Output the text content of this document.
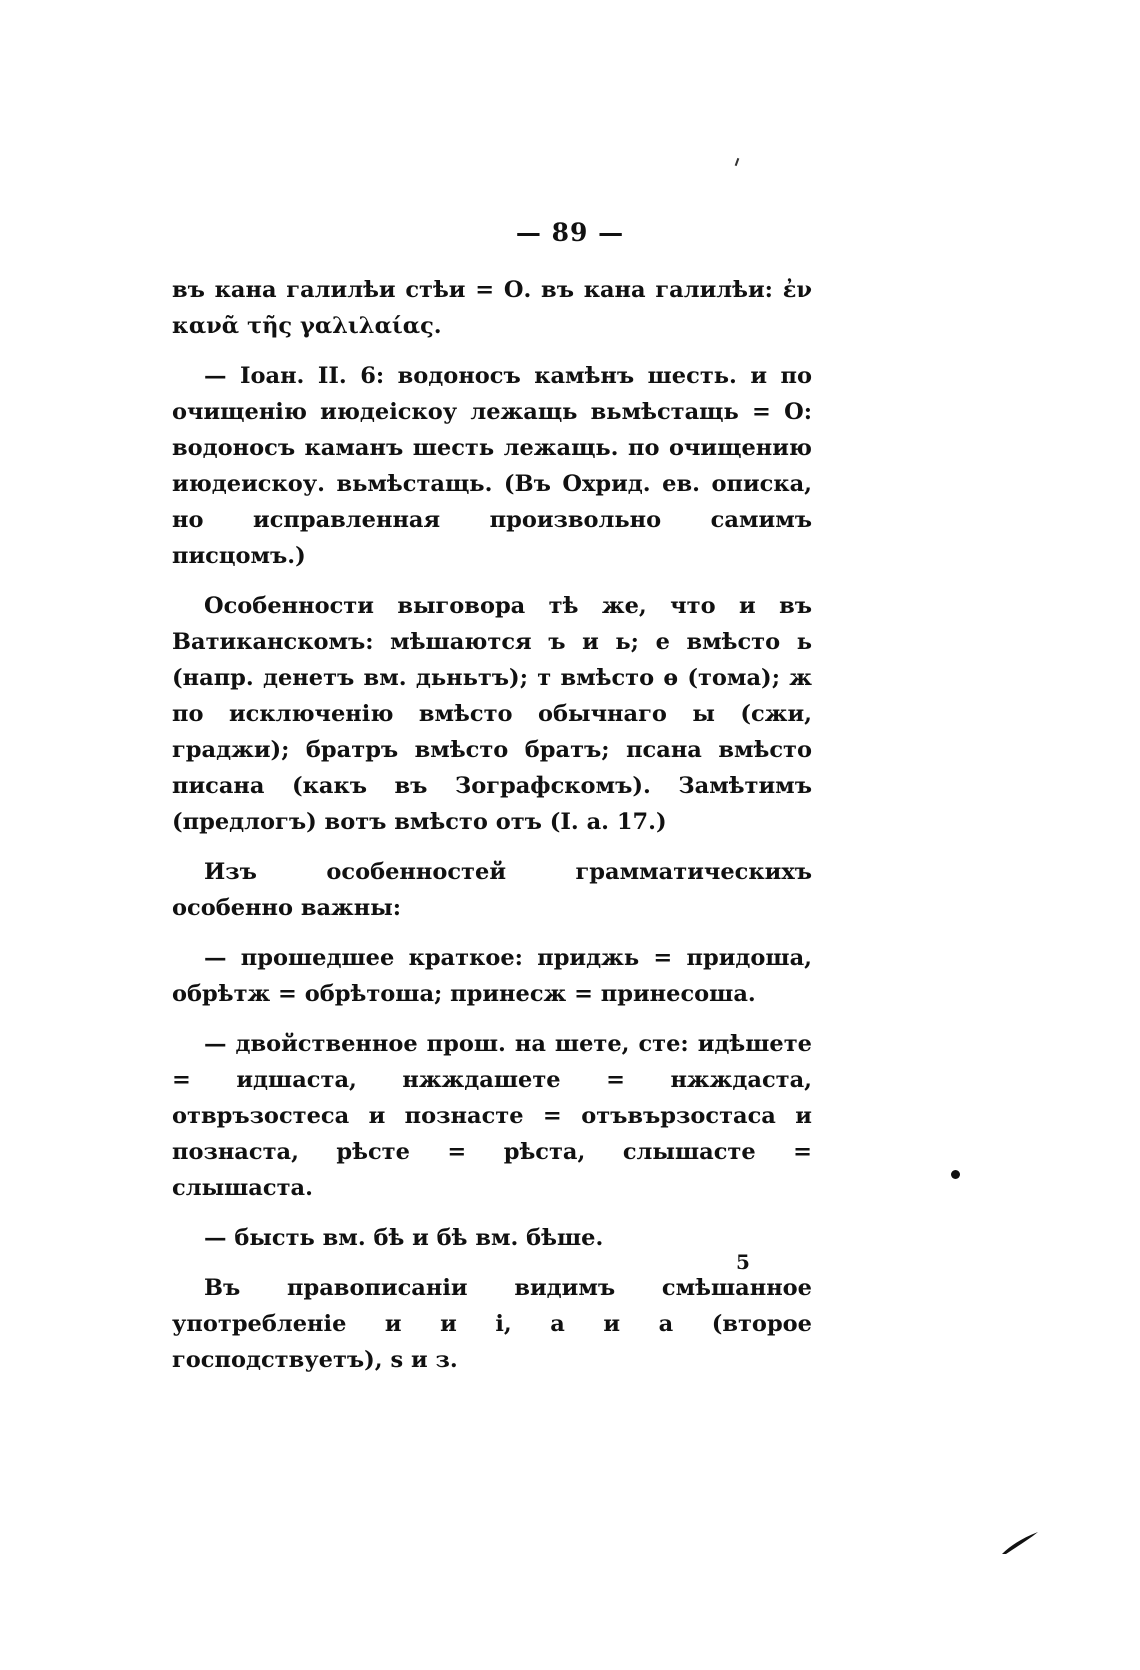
— 89 —

въ кана галилѣи стѣи = О. въ кана галилѣи: ἐν κανᾶ τῆς γαλιλαίας.

— Іоан. II. 6: водоносъ камѣнъ шесть. и по очищенію июдеіскоу лежащь вьмѣстащь = О: водоносъ каманъ шесть лежащь. по очищению июдеискоу. вьмѣстащь. (Въ Охрид. ев. описка, но исправленная произвольно самимъ писцомъ.)

Особенности выговора тѣ же, что и въ Ватиканскомъ: мѣшаются ъ и ь; е вмѣсто ь (напр. денетъ вм. дьньтъ); т вмѣсто ѳ (тома); ж по исключенію вмѣсто обычнаго ы (сжи, граджи); братръ вмѣсто братъ; псана вмѣсто писана (какъ въ Зографскомъ). Замѣтимъ (предлогъ) вотъ вмѣсто отъ (I. а. 17.)

Изъ особенностей грамматическихъ особенно важны:

— прошедшее краткое: приджь = придоша, обрѣтж = обрѣтоша; принесж = принесоша.

— двойственное прош. на шете, сте: идѣшете = идшаста, нжждашете = нжждаста, отвръзостеса и познасте = отъвързостаса и познаста, рѣсте = рѣста, слышасте = слышаста.

— бысть вм. бѣ и бѣ вм. бѣше.

Въ правописаніи видимъ смѣшанное употребленіе и и і, а и а (второе господствуетъ), s и з.

5
